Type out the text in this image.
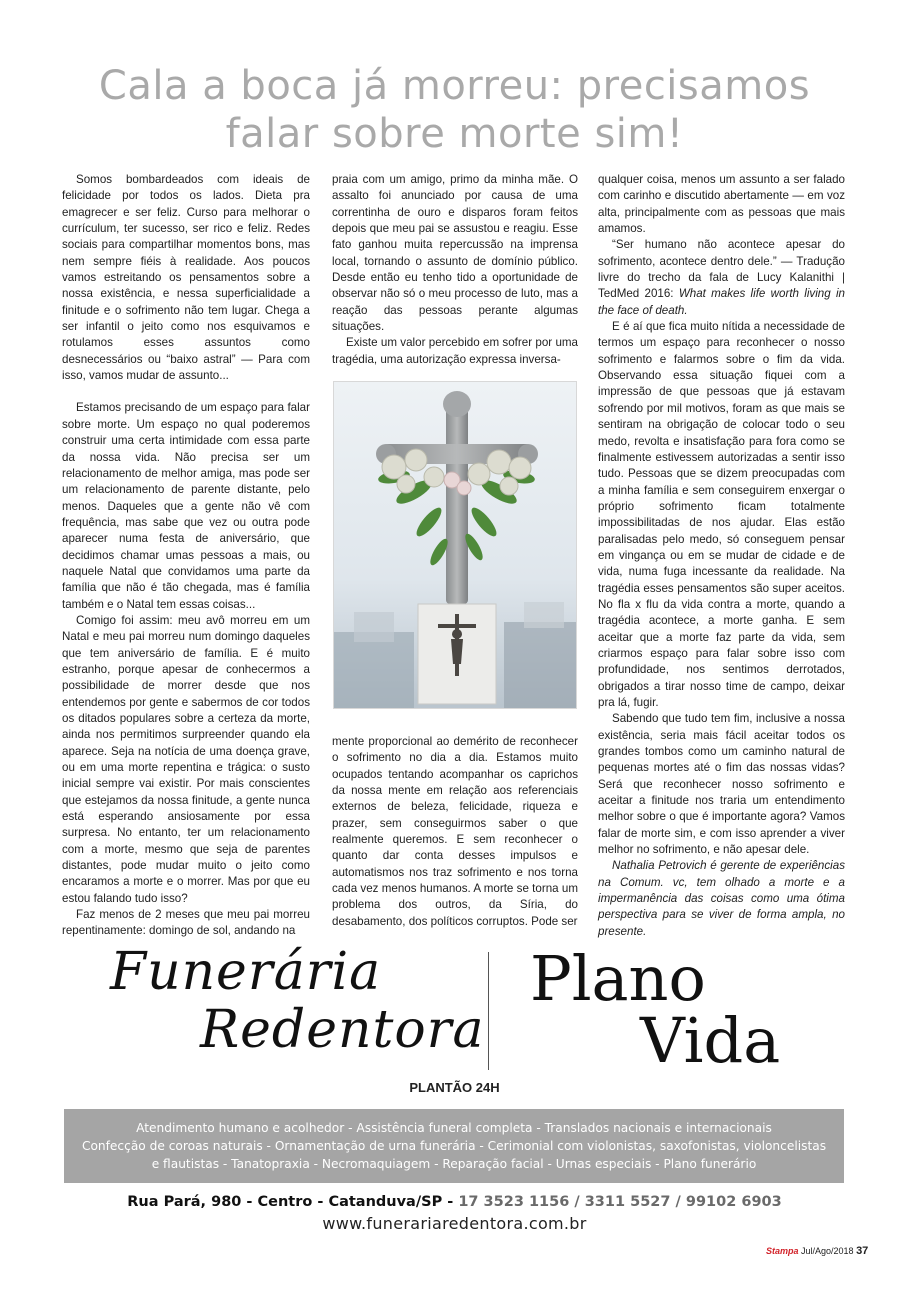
Cala a boca já morreu: precisamos
falar sobre morte sim!

Somos bombardeados com ideais de felicidade por todos os lados. Dieta pra emagrecer e ser feliz. Curso para melhorar o currículum, ter sucesso, ser rico e feliz. Redes sociais para compartilhar momentos bons, mas nem sempre fiéis à realidade. Aos poucos vamos estreitando os pensamentos sobre a nossa existência, e nessa superficialidade a finitude e o sofrimento não tem lugar. Chega a ser infantil o jeito como nos esquivamos e rotulamos esses assuntos como desnecessários ou “baixo astral” — Para com isso, vamos mudar de assunto...

Estamos precisando de um espaço para falar sobre morte. Um espaço no qual poderemos construir uma certa intimidade com essa parte da nossa vida. Não precisa ser um relacionamento de melhor amiga, mas pode ser um relacionamento de parente distante, pelo menos. Daqueles que a gente não vê com frequência, mas sabe que vez ou outra pode aparecer numa festa de aniversário, que decidimos chamar umas pessoas a mais, ou naquele Natal que convidamos uma parte da família que não é tão chegada, mas é família também e o Natal tem essas coisas...

Comigo foi assim: meu avô morreu em um Natal e meu pai morreu num domingo daqueles que tem aniversário de família. E é muito estranho, porque apesar de conhecermos a possibilidade de morrer desde que nos entendemos por gente e sabermos de cor todos os ditados populares sobre a certeza da morte, ainda nos permitimos surpreender quando ela aparece. Seja na notícia de uma doença grave, ou em uma morte repentina e trágica: o susto inicial sempre vai existir. Por mais conscientes que estejamos da nossa finitude, a gente nunca está esperando ansiosamente por essa surpresa. No entanto, ter um relacionamento com a morte, mesmo que seja de parentes distantes, pode mudar muito o jeito como encaramos a morte e o morrer. Mas por que eu estou falando tudo isso?

Faz menos de 2 meses que meu pai morreu repentinamente: domingo de sol, andando na

praia com um amigo, primo da minha mãe. O assalto foi anunciado por causa de uma correntinha de ouro e disparos foram feitos depois que meu pai se assustou e reagiu. Esse fato ganhou muita repercussão na imprensa local, tornando o assunto de domínio público. Desde então eu tenho tido a oportunidade de observar não só o meu processo de luto, mas a reação das pessoas perante algumas situações.

Existe um valor percebido em sofrer por uma tragédia, uma autorização expressa inversa-

mente proporcional ao demérito de reconhecer o sofrimento no dia a dia. Estamos muito ocupados tentando acompanhar os caprichos da nossa mente em relação aos referenciais externos de beleza, felicidade, riqueza e prazer, sem conseguirmos saber o que realmente queremos. E sem reconhecer o quanto dar conta desses impulsos e automatismos nos traz sofrimento e nos torna cada vez menos humanos. A morte se torna um problema dos outros, da Síria, do desabamento, dos políticos corruptos. Pode ser

qualquer coisa, menos um assunto a ser falado com carinho e discutido abertamente — em voz alta, principalmente com as pessoas que mais amamos.

“Ser humano não acontece apesar do sofrimento, acontece dentro dele.” — Tradução livre do trecho da fala de Lucy Kalanithi | TedMed 2016: What makes life worth living in the face of death.

E é aí que fica muito nítida a necessidade de termos um espaço para reconhecer o nosso sofrimento e falarmos sobre o fim da vida. Observando essa situação fiquei com a impressão de que pessoas que já estavam sofrendo por mil motivos, foram as que mais se sentiram na obrigação de colocar todo o seu medo, revolta e insatisfação para fora como se finalmente estivessem autorizadas a sentir isso tudo. Pessoas que se dizem preocupadas com a minha família e sem conseguirem enxergar o próprio sofrimento ficam totalmente impossibilitadas de nos ajudar. Elas estão paralisadas pelo medo, só conseguem pensar em vingança ou em se mudar de cidade e de vida, numa fuga incessante da realidade. Na tragédia esses pensamentos são super aceitos. No fla x flu da vida contra a morte, quando a tragédia acontece, a morte ganha. E sem aceitar que a morte faz parte da vida, sem criarmos espaço para falar sobre isso com profundidade, nos sentimos derrotados, obrigados a tirar nosso time de campo, deixar pra lá, fugir.

Sabendo que tudo tem fim, inclusive a nossa existência, seria mais fácil aceitar todos os grandes tombos como um caminho natural de pequenas mortes até o fim das nossas vidas? Será que reconhecer nosso sofrimento e aceitar a finitude nos traria um entendimento melhor sobre o que é importante agora? Vamos falar de morte sim, e com isso aprender a viver melhor no sofrimento, e não apesar dele.

Nathalia Petrovich é gerente de experiências na Comum. vc, tem olhado a morte e a impermanência das coisas como uma ótima perspectiva para se viver de forma ampla, no presente.

Funerária
Redentora
Plano
Vida
PLANTÃO 24H
Atendimento humano e acolhedor - Assistência funeral completa - Translados nacionais e internacionais
Confecção de coroas naturais - Ornamentação de urna funerária - Cerimonial com violonistas, saxofonistas, violoncelistas
e flautistas - Tanatopraxia - Necromaquiagem - Reparação facial - Urnas especiais - Plano funerário
Rua Pará, 980 - Centro - Catanduva/SP - 17 3523 1156 / 3311 5527 / 99102 6903
www.funerariaredentora.com.br
Stampa Jul/Ago/2018 37
